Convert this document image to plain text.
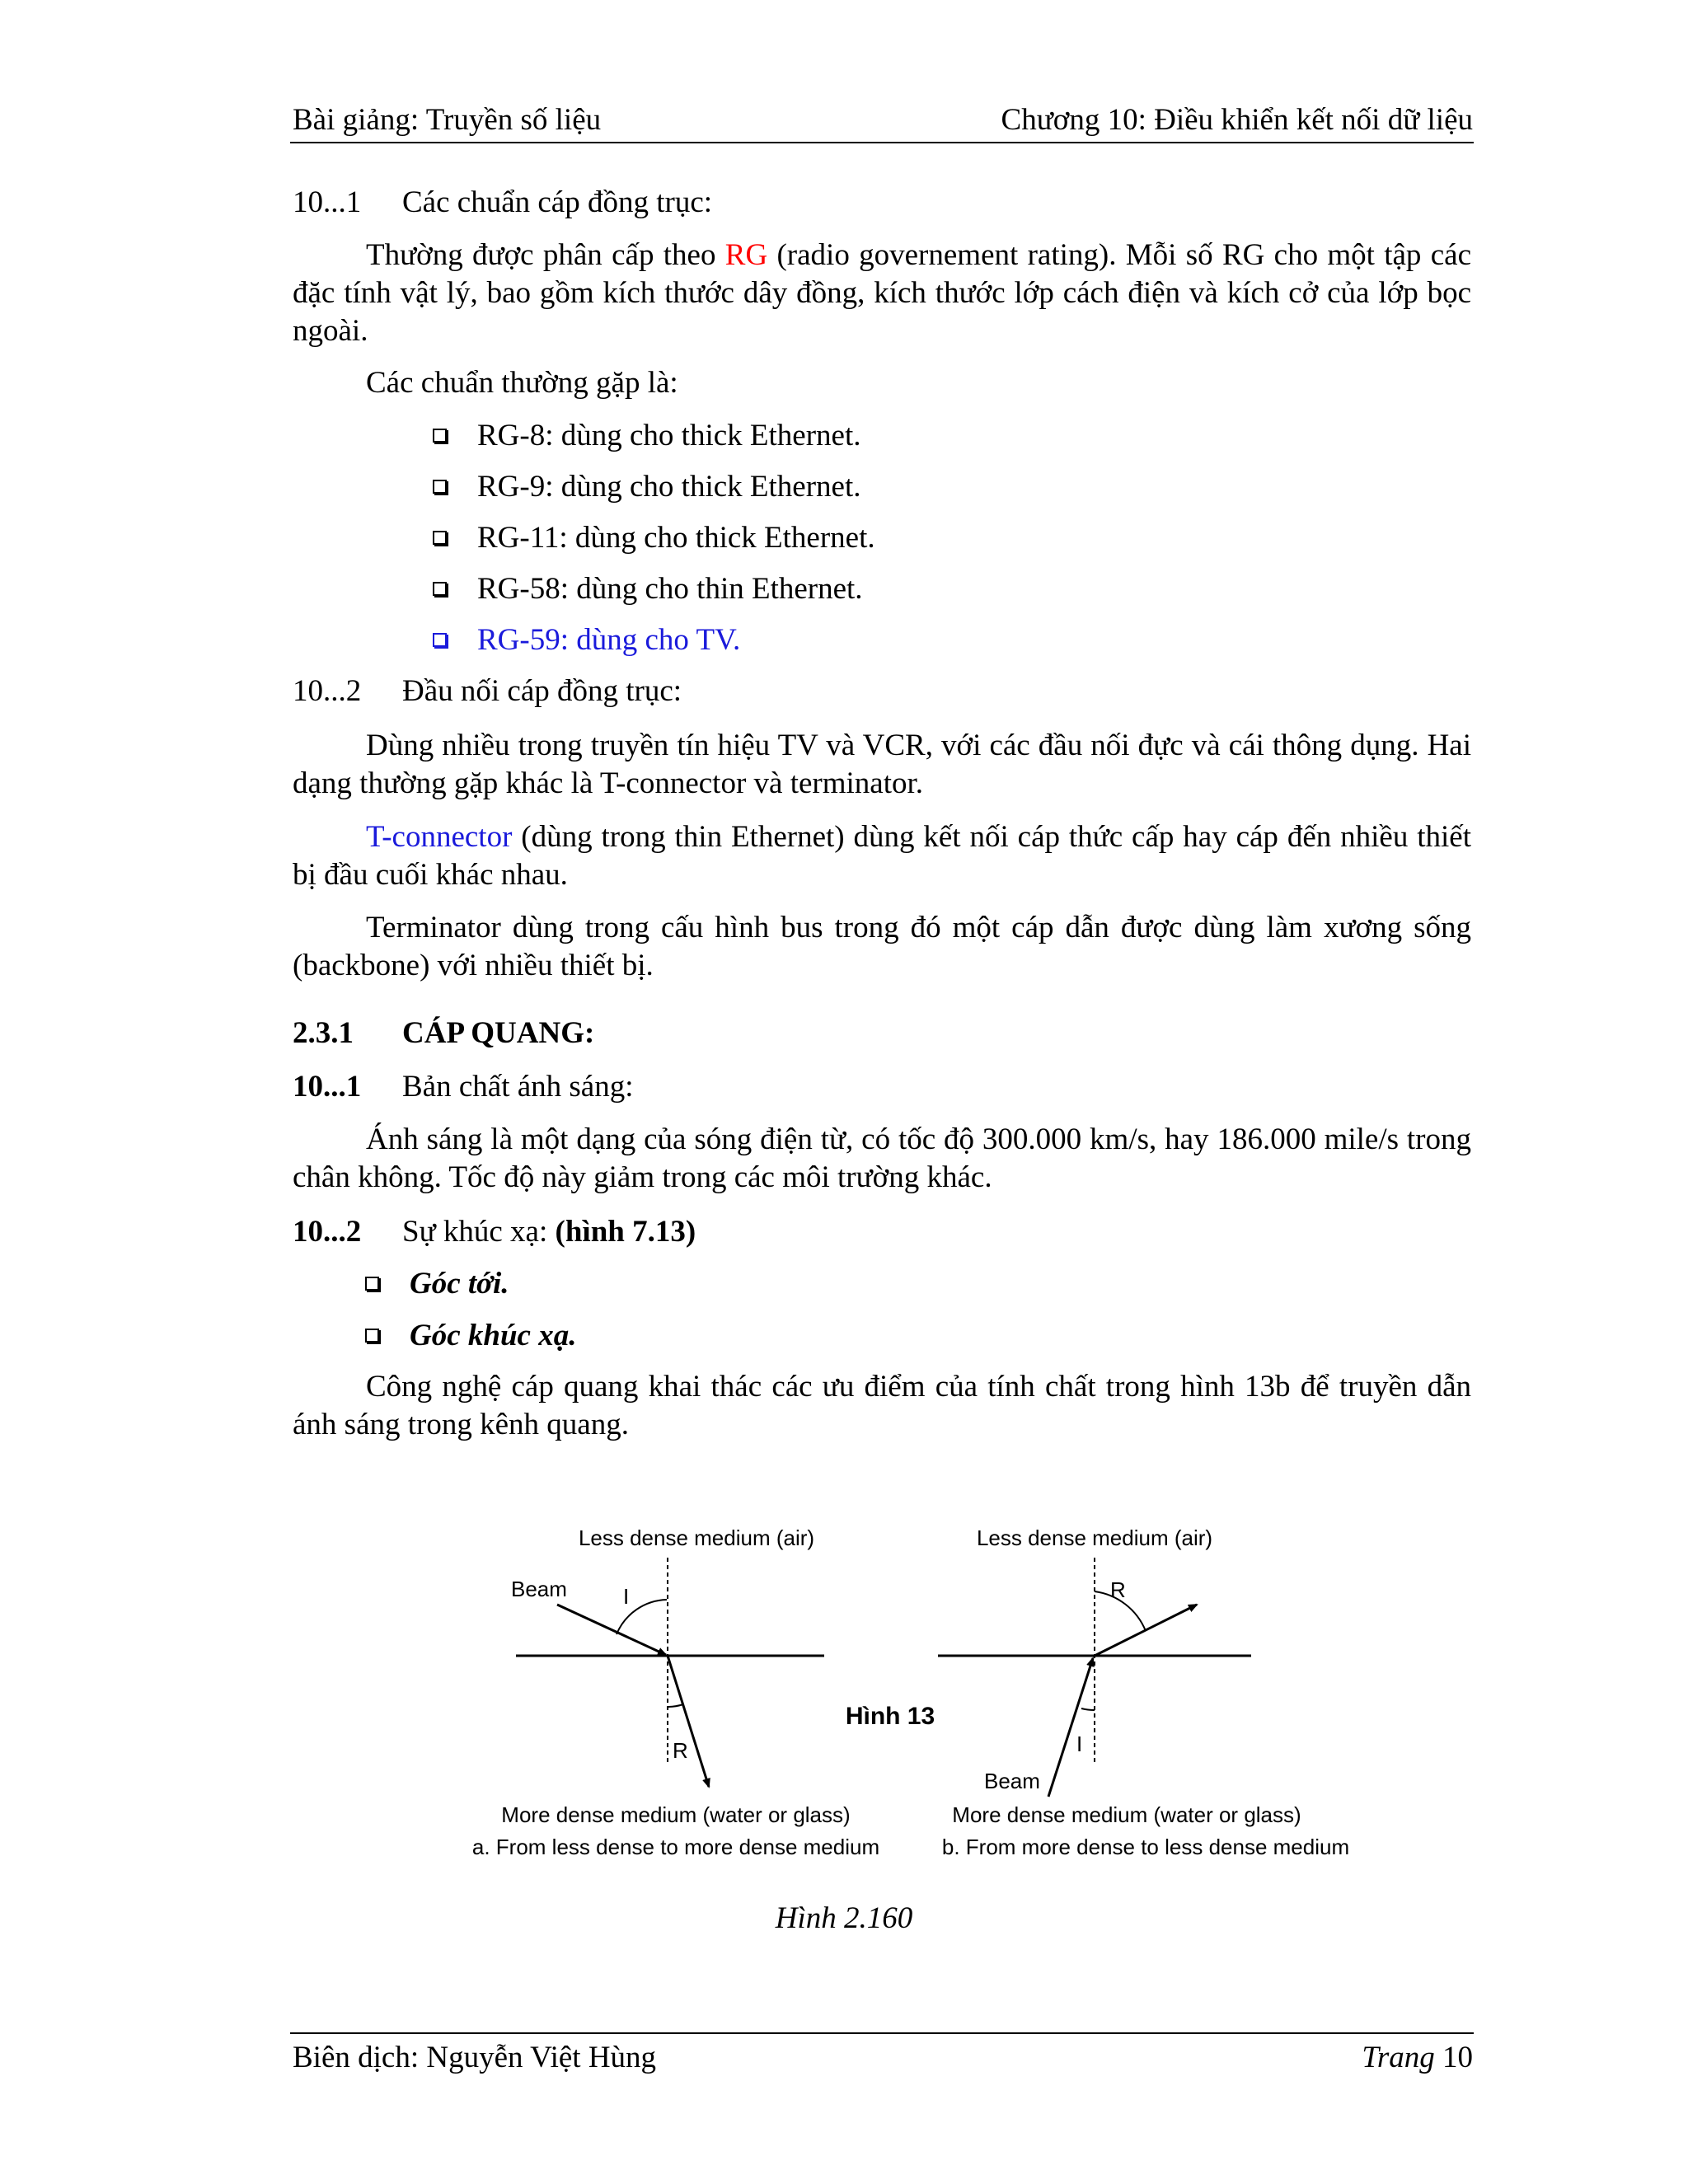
Bài giảng: Truyền số liệu	Chương 10: Điều khiển kết nối dữ liệu
10...1 Các chuẩn cáp đồng trục:
Thường được phân cấp theo RG (radio governement rating). Mỗi số RG cho một tập các đặc tính vật lý, bao gồm kích thước dây đồng, kích thước lớp cách điện và kích cở của lớp bọc ngoài.
Các chuẩn thường gặp là:
RG-8: dùng cho thick Ethernet.
RG-9: dùng cho thick Ethernet.
RG-11: dùng cho thick Ethernet.
RG-58: dùng cho thin Ethernet.
RG-59: dùng cho TV.
10...2 Đầu nối cáp đồng trục:
Dùng nhiều trong truyền tín hiệu TV và VCR, với các đầu nối đực và cái thông dụng. Hai dạng thường gặp khác là T-connector và terminator.
T-connector (dùng trong thin Ethernet) dùng kết nối cáp thức cấp hay cáp đến nhiều thiết bị đầu cuối khác nhau.
Terminator dùng trong cấu hình bus trong đó một cáp dẫn được dùng làm xương sống (backbone) với nhiều thiết bị.
2.3.1 CÁP QUANG:
10...1 Bản chất ánh sáng:
Ánh sáng là một dạng của sóng điện từ, có tốc độ 300.000 km/s, hay 186.000 mile/s trong chân không. Tốc độ này giảm trong các môi trường khác.
10...2 Sự khúc xạ: (hình 7.13)
Góc tới.
Góc khúc xạ.
Công nghệ cáp quang khai thác các ưu điểm của tính chất trong hình 13b để truyền dẫn ánh sáng trong kênh quang.
Less dense medium (air)
Beam	I
R
More dense medium (water or glass)
a. From less dense to more dense medium
Hình 13
Less dense medium (air)
R
I
Beam
More dense medium (water or glass)
b. From more dense to less dense medium
Hình 2.160
Biên dịch: Nguyễn Việt Hùng	Trang 10
